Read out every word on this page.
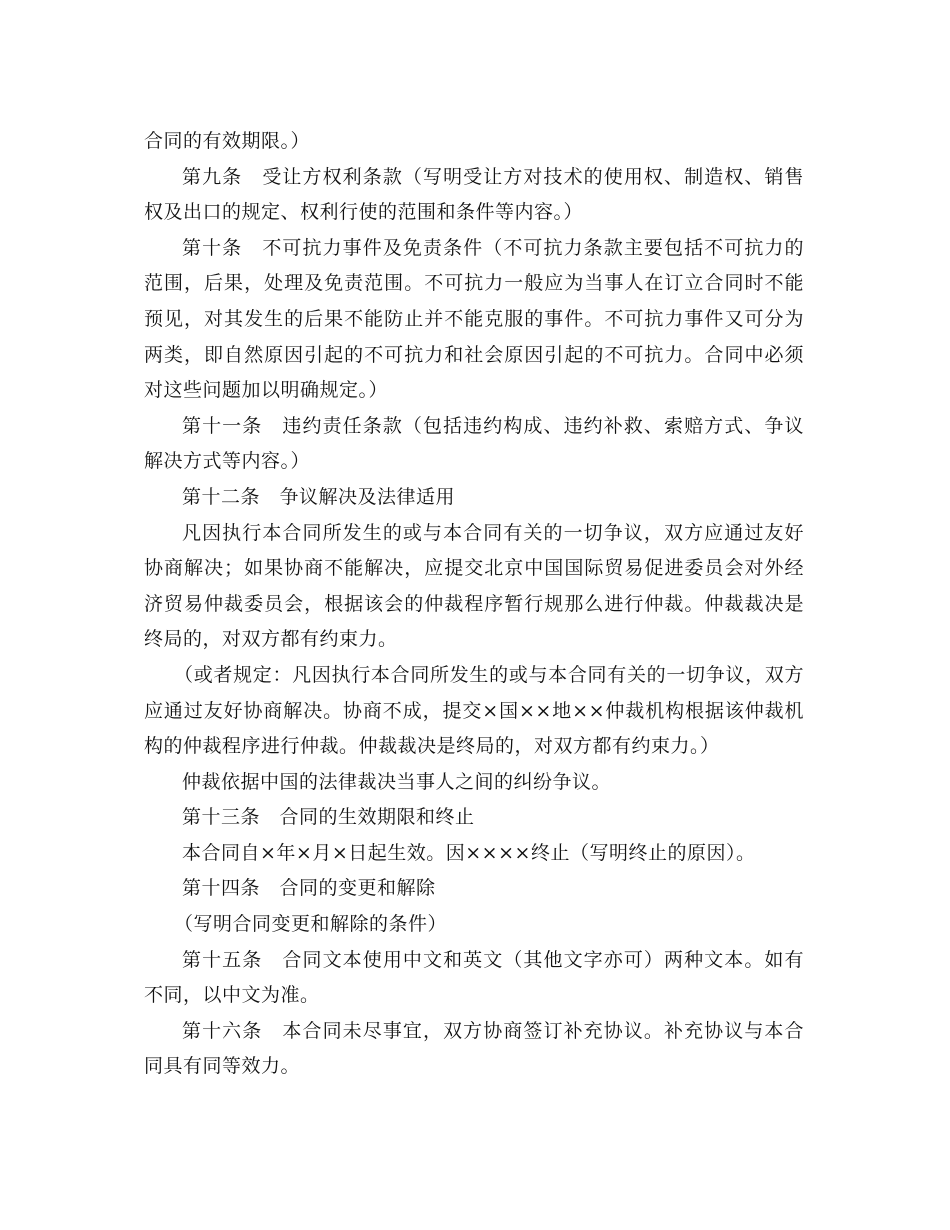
合同的有效期限。）

第九条　受让方权利条款（写明受让方对技术的使用权、制造权、销售权及出口的规定、权利行使的范围和条件等内容。）

第十条　不可抗力事件及免责条件（不可抗力条款主要包括不可抗力的范围，后果，处理及免责范围。不可抗力一般应为当事人在订立合同时不能预见，对其发生的后果不能防止并不能克服的事件。不可抗力事件又可分为两类，即自然原因引起的不可抗力和社会原因引起的不可抗力。合同中必须对这些问题加以明确规定。）

第十一条　违约责任条款（包括违约构成、违约补救、索赔方式、争议解决方式等内容。）

第十二条　争议解决及法律适用

凡因执行本合同所发生的或与本合同有关的一切争议，双方应通过友好协商解决；如果协商不能解决，应提交北京中国国际贸易促进委员会对外经济贸易仲裁委员会，根据该会的仲裁程序暂行规那么进行仲裁。仲裁裁决是终局的，对双方都有约束力。

（或者规定：凡因执行本合同所发生的或与本合同有关的一切争议，双方应通过友好协商解决。协商不成，提交×国××地××仲裁机构根据该仲裁机构的仲裁程序进行仲裁。仲裁裁决是终局的，对双方都有约束力。）

仲裁依据中国的法律裁决当事人之间的纠纷争议。

第十三条　合同的生效期限和终止

本合同自×年×月×日起生效。因××××终止（写明终止的原因）。

第十四条　合同的变更和解除

（写明合同变更和解除的条件）

第十五条　合同文本使用中文和英文（其他文字亦可）两种文本。如有不同，以中文为准。

第十六条　本合同未尽事宜，双方协商签订补充协议。补充协议与本合同具有同等效力。
